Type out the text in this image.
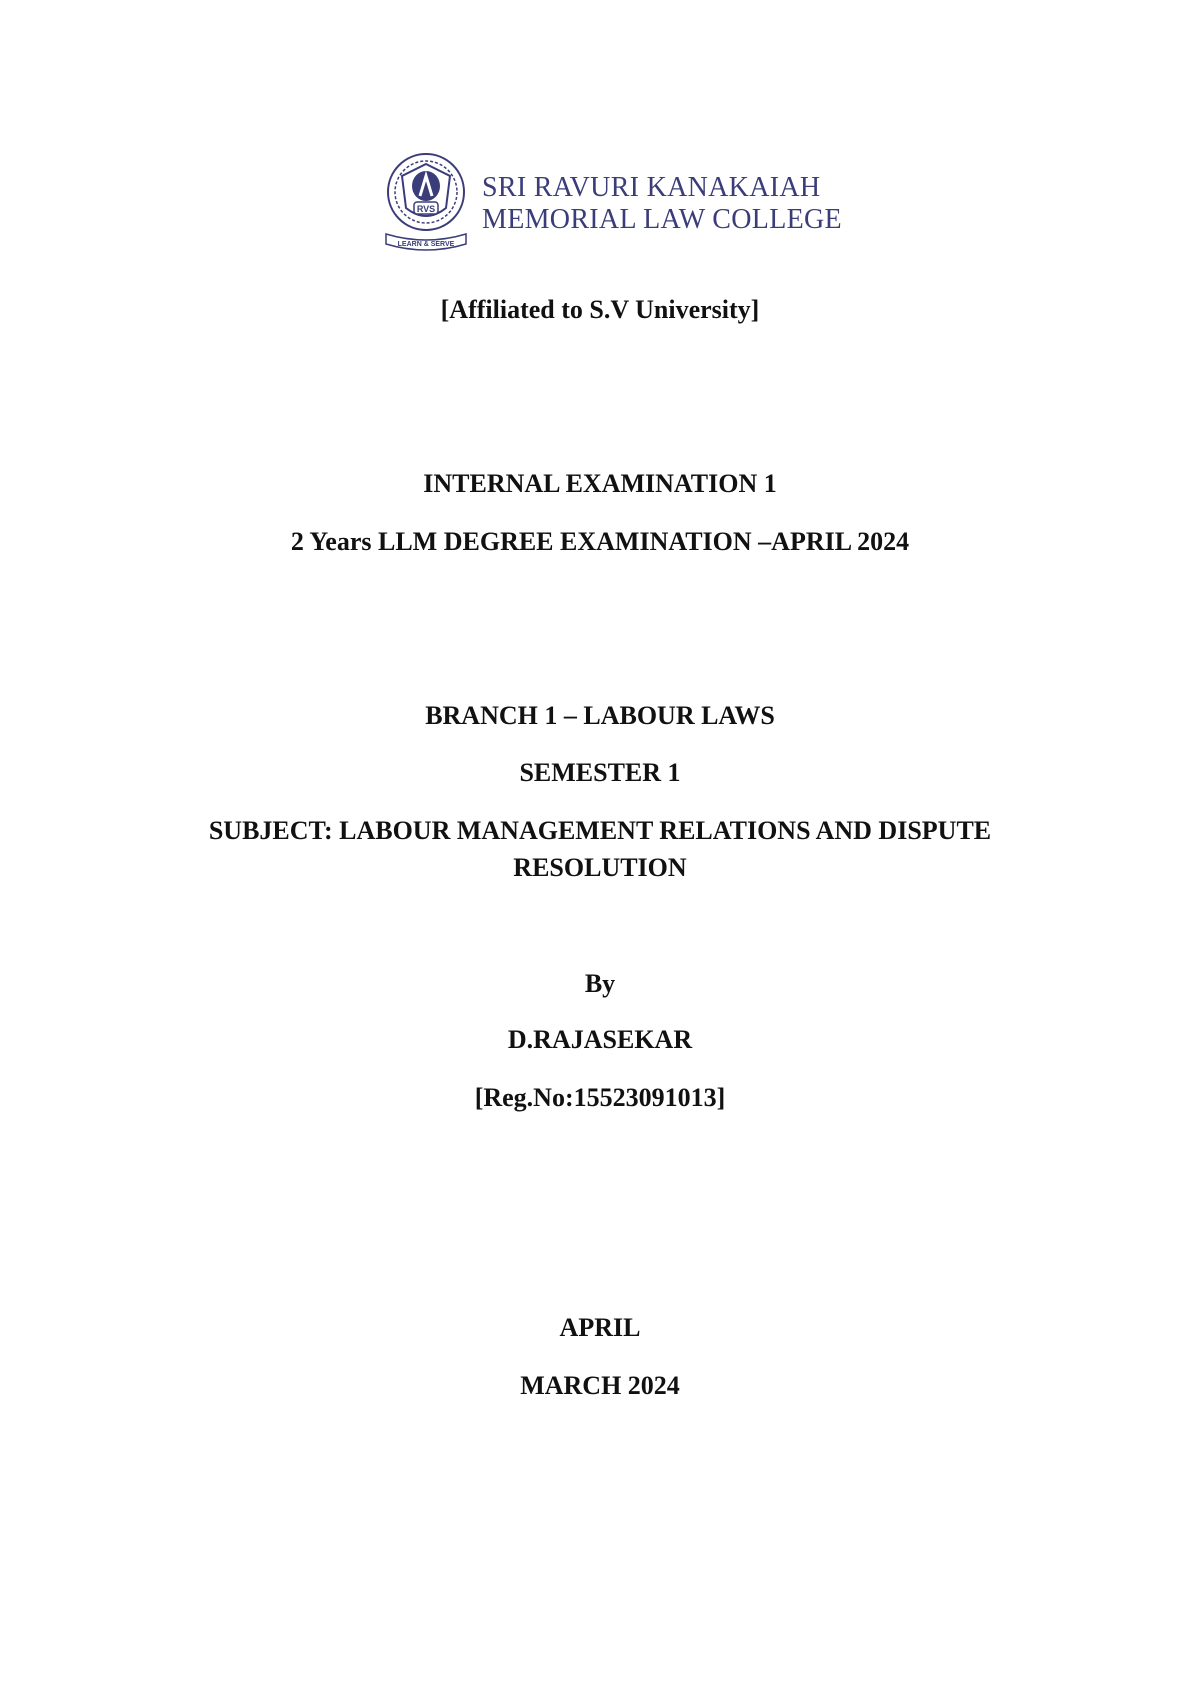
RVS
LEARN & SERVE
SRI RAVURI KANAKAIAH
MEMORIAL LAW COLLEGE
[Affiliated to S.V University]
INTERNAL EXAMINATION 1
2 Years LLM DEGREE EXAMINATION –APRIL 2024
BRANCH 1 – LABOUR LAWS
SEMESTER 1
SUBJECT: LABOUR MANAGEMENT RELATIONS AND DISPUTE RESOLUTION
By
D.RAJASEKAR
[Reg.No:15523091013]
APRIL
MARCH 2024
